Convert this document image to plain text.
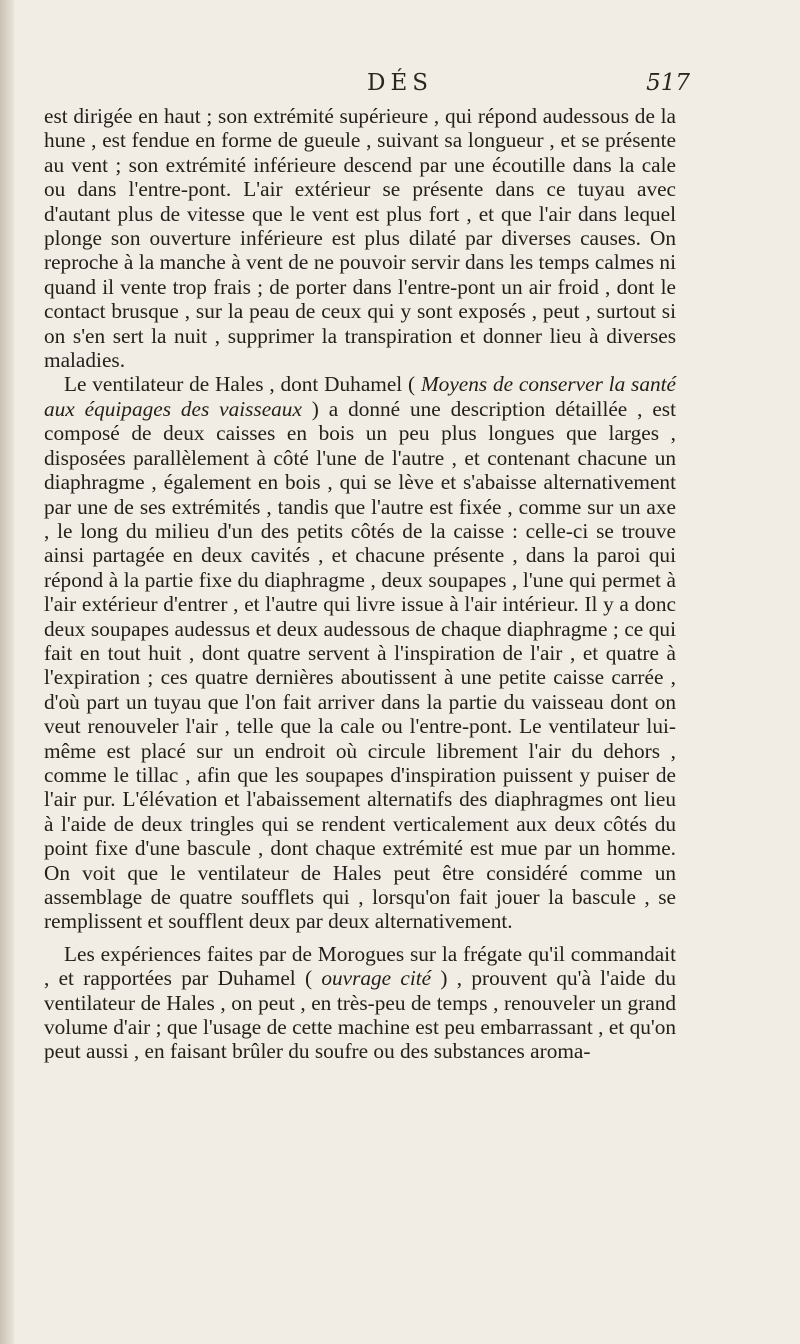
DÉS	517

est dirigée en haut ; son extrémité supérieure , qui répond audessous de la hune , est fendue en forme de gueule , suivant sa longueur , et se présente au vent ; son extrémité inférieure descend par une écoutille dans la cale ou dans l'entre-pont. L'air extérieur se présente dans ce tuyau avec d'autant plus de vitesse que le vent est plus fort , et que l'air dans lequel plonge son ouverture inférieure est plus dilaté par diverses causes. On reproche à la manche à vent de ne pouvoir servir dans les temps calmes ni quand il vente trop frais ; de porter dans l'entre-pont un air froid , dont le contact brusque , sur la peau de ceux qui y sont exposés , peut , surtout si on s'en sert la nuit , supprimer la transpiration et donner lieu à diverses maladies.

Le ventilateur de Hales , dont Duhamel ( Moyens de conserver la santé aux équipages des vaisseaux ) a donné une description détaillée , est composé de deux caisses en bois un peu plus longues que larges , disposées parallèlement à côté l'une de l'autre , et contenant chacune un diaphragme , également en bois , qui se lève et s'abaisse alternativement par une de ses extrémités , tandis que l'autre est fixée , comme sur un axe , le long du milieu d'un des petits côtés de la caisse : celle-ci se trouve ainsi partagée en deux cavités , et chacune présente , dans la paroi qui répond à la partie fixe du diaphragme , deux soupapes , l'une qui permet à l'air extérieur d'entrer , et l'autre qui livre issue à l'air intérieur. Il y a donc deux soupapes audessus et deux audessous de chaque diaphragme ; ce qui fait en tout huit , dont quatre servent à l'inspiration de l'air , et quatre à l'expiration ; ces quatre dernières aboutissent à une petite caisse carrée , d'où part un tuyau que l'on fait arriver dans la partie du vaisseau dont on veut renouveler l'air , telle que la cale ou l'entre-pont. Le ventilateur lui-même est placé sur un endroit où circule librement l'air du dehors , comme le tillac , afin que les soupapes d'inspiration puissent y puiser de l'air pur. L'élévation et l'abaissement alternatifs des diaphragmes ont lieu à l'aide de deux tringles qui se rendent verticalement aux deux côtés du point fixe d'une bascule , dont chaque extrémité est mue par un homme. On voit que le ventilateur de Hales peut être considéré comme un assemblage de quatre soufflets qui , lorsqu'on fait jouer la bascule , se remplissent et soufflent deux par deux alternativement.

Les expériences faites par de Morogues sur la frégate qu'il commandait , et rapportées par Duhamel ( ouvrage cité ) , prouvent qu'à l'aide du ventilateur de Hales , on peut , en très-peu de temps , renouveler un grand volume d'air ; que l'usage de cette machine est peu embarrassant , et qu'on peut aussi , en faisant brûler du soufre ou des substances aroma-
